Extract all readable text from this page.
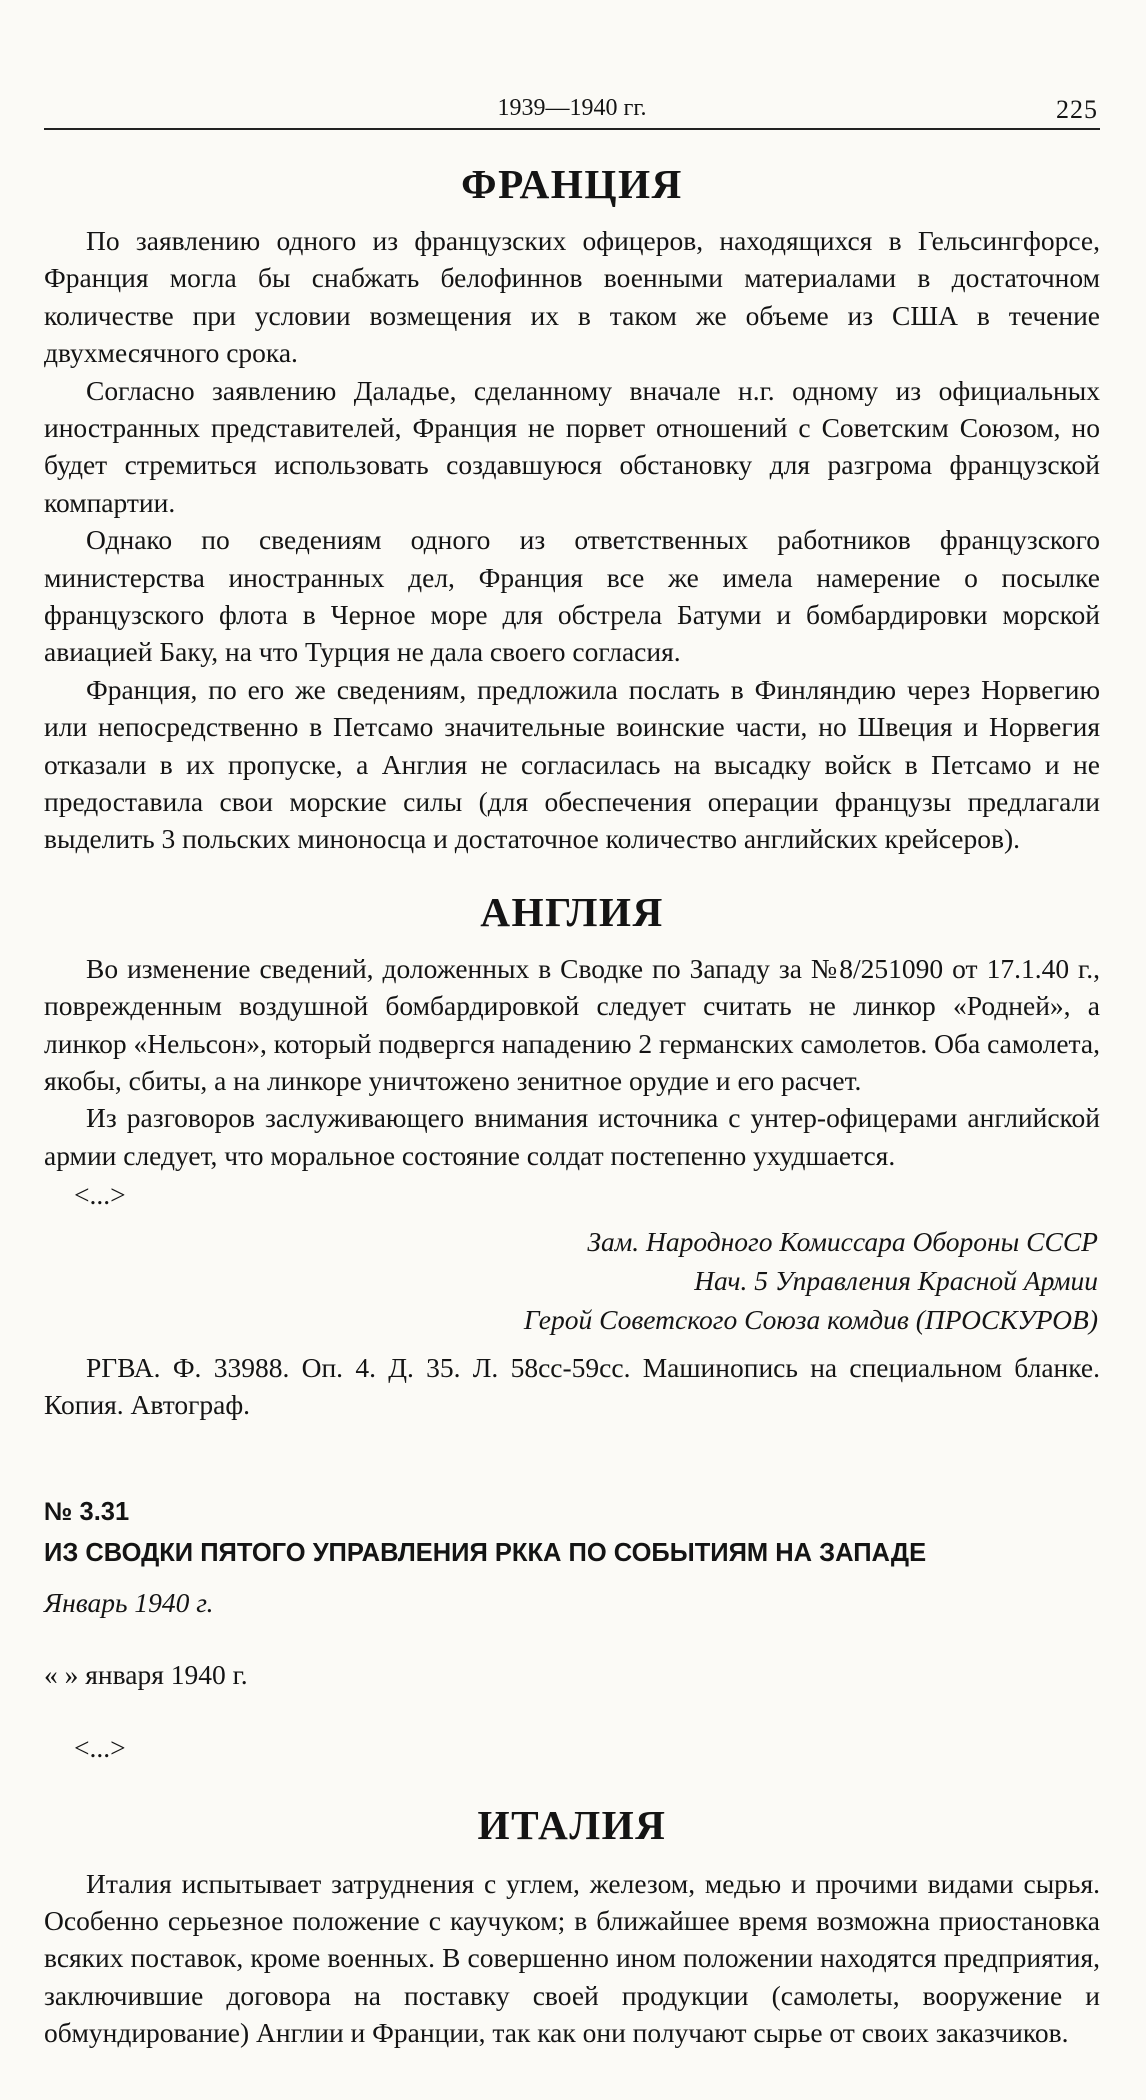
1939—1940 гг.	225
ФРАНЦИЯ

По заявлению одного из французских офицеров, находящихся в Гельсингфорсе, Франция могла бы снабжать белофиннов военными материалами в достаточном количестве при условии возмещения их в таком же объеме из США в течение двухмесячного срока.

Согласно заявлению Даладье, сделанному вначале н.г. одному из официальных иностранных представителей, Франция не порвет отношений с Советским Союзом, но будет стремиться использовать создавшуюся обстановку для разгрома французской компартии.

Однако по сведениям одного из ответственных работников французского министерства иностранных дел, Франция все же имела намерение о посылке французского флота в Черное море для обстрела Батуми и бомбардировки морской авиацией Баку, на что Турция не дала своего согласия.

Франция, по его же сведениям, предложила послать в Финляндию через Норвегию или непосредственно в Петсамо значительные воинские части, но Швеция и Норвегия отказали в их пропуске, а Англия не согласилась на высадку войск в Петсамо и не предоставила свои морские силы (для обеспечения операции французы предлагали выделить 3 польских миноносца и достаточное количество английских крейсеров).

АНГЛИЯ

Во изменение сведений, доложенных в Сводке по Западу за №8/251090 от 17.1.40 г., поврежденным воздушной бомбардировкой следует считать не линкор «Родней», а линкор «Нельсон», который подвергся нападению 2 германских самолетов. Оба самолета, якобы, сбиты, а на линкоре уничтожено зенитное орудие и его расчет.

Из разговоров заслуживающего внимания источника с унтер-офицерами английской армии следует, что моральное состояние солдат постепенно ухудшается.

<...>

Зам. Народного Комиссара Обороны СССР
Нач. 5 Управления Красной Армии
Герой Советского Союза комдив (ПРОСКУРОВ)

РГВА. Ф. 33988. Оп. 4. Д. 35. Л. 58сс-59сс. Машинопись на специальном бланке. Копия. Автограф.

№ 3.31
ИЗ СВОДКИ ПЯТОГО УПРАВЛЕНИЯ РККА ПО СОБЫТИЯМ НА ЗАПАДЕ

Январь 1940 г.

« » января 1940 г.

<...>

ИТАЛИЯ

Италия испытывает затруднения с углем, железом, медью и прочими видами сырья. Особенно серьезное положение с каучуком; в ближайшее время возможна приостановка всяких поставок, кроме военных. В совершенно ином положении находятся предприятия, заключившие договора на поставку своей продукции (самолеты, вооружение и обмундирование) Англии и Франции, так как они получают сырье от своих заказчиков.
